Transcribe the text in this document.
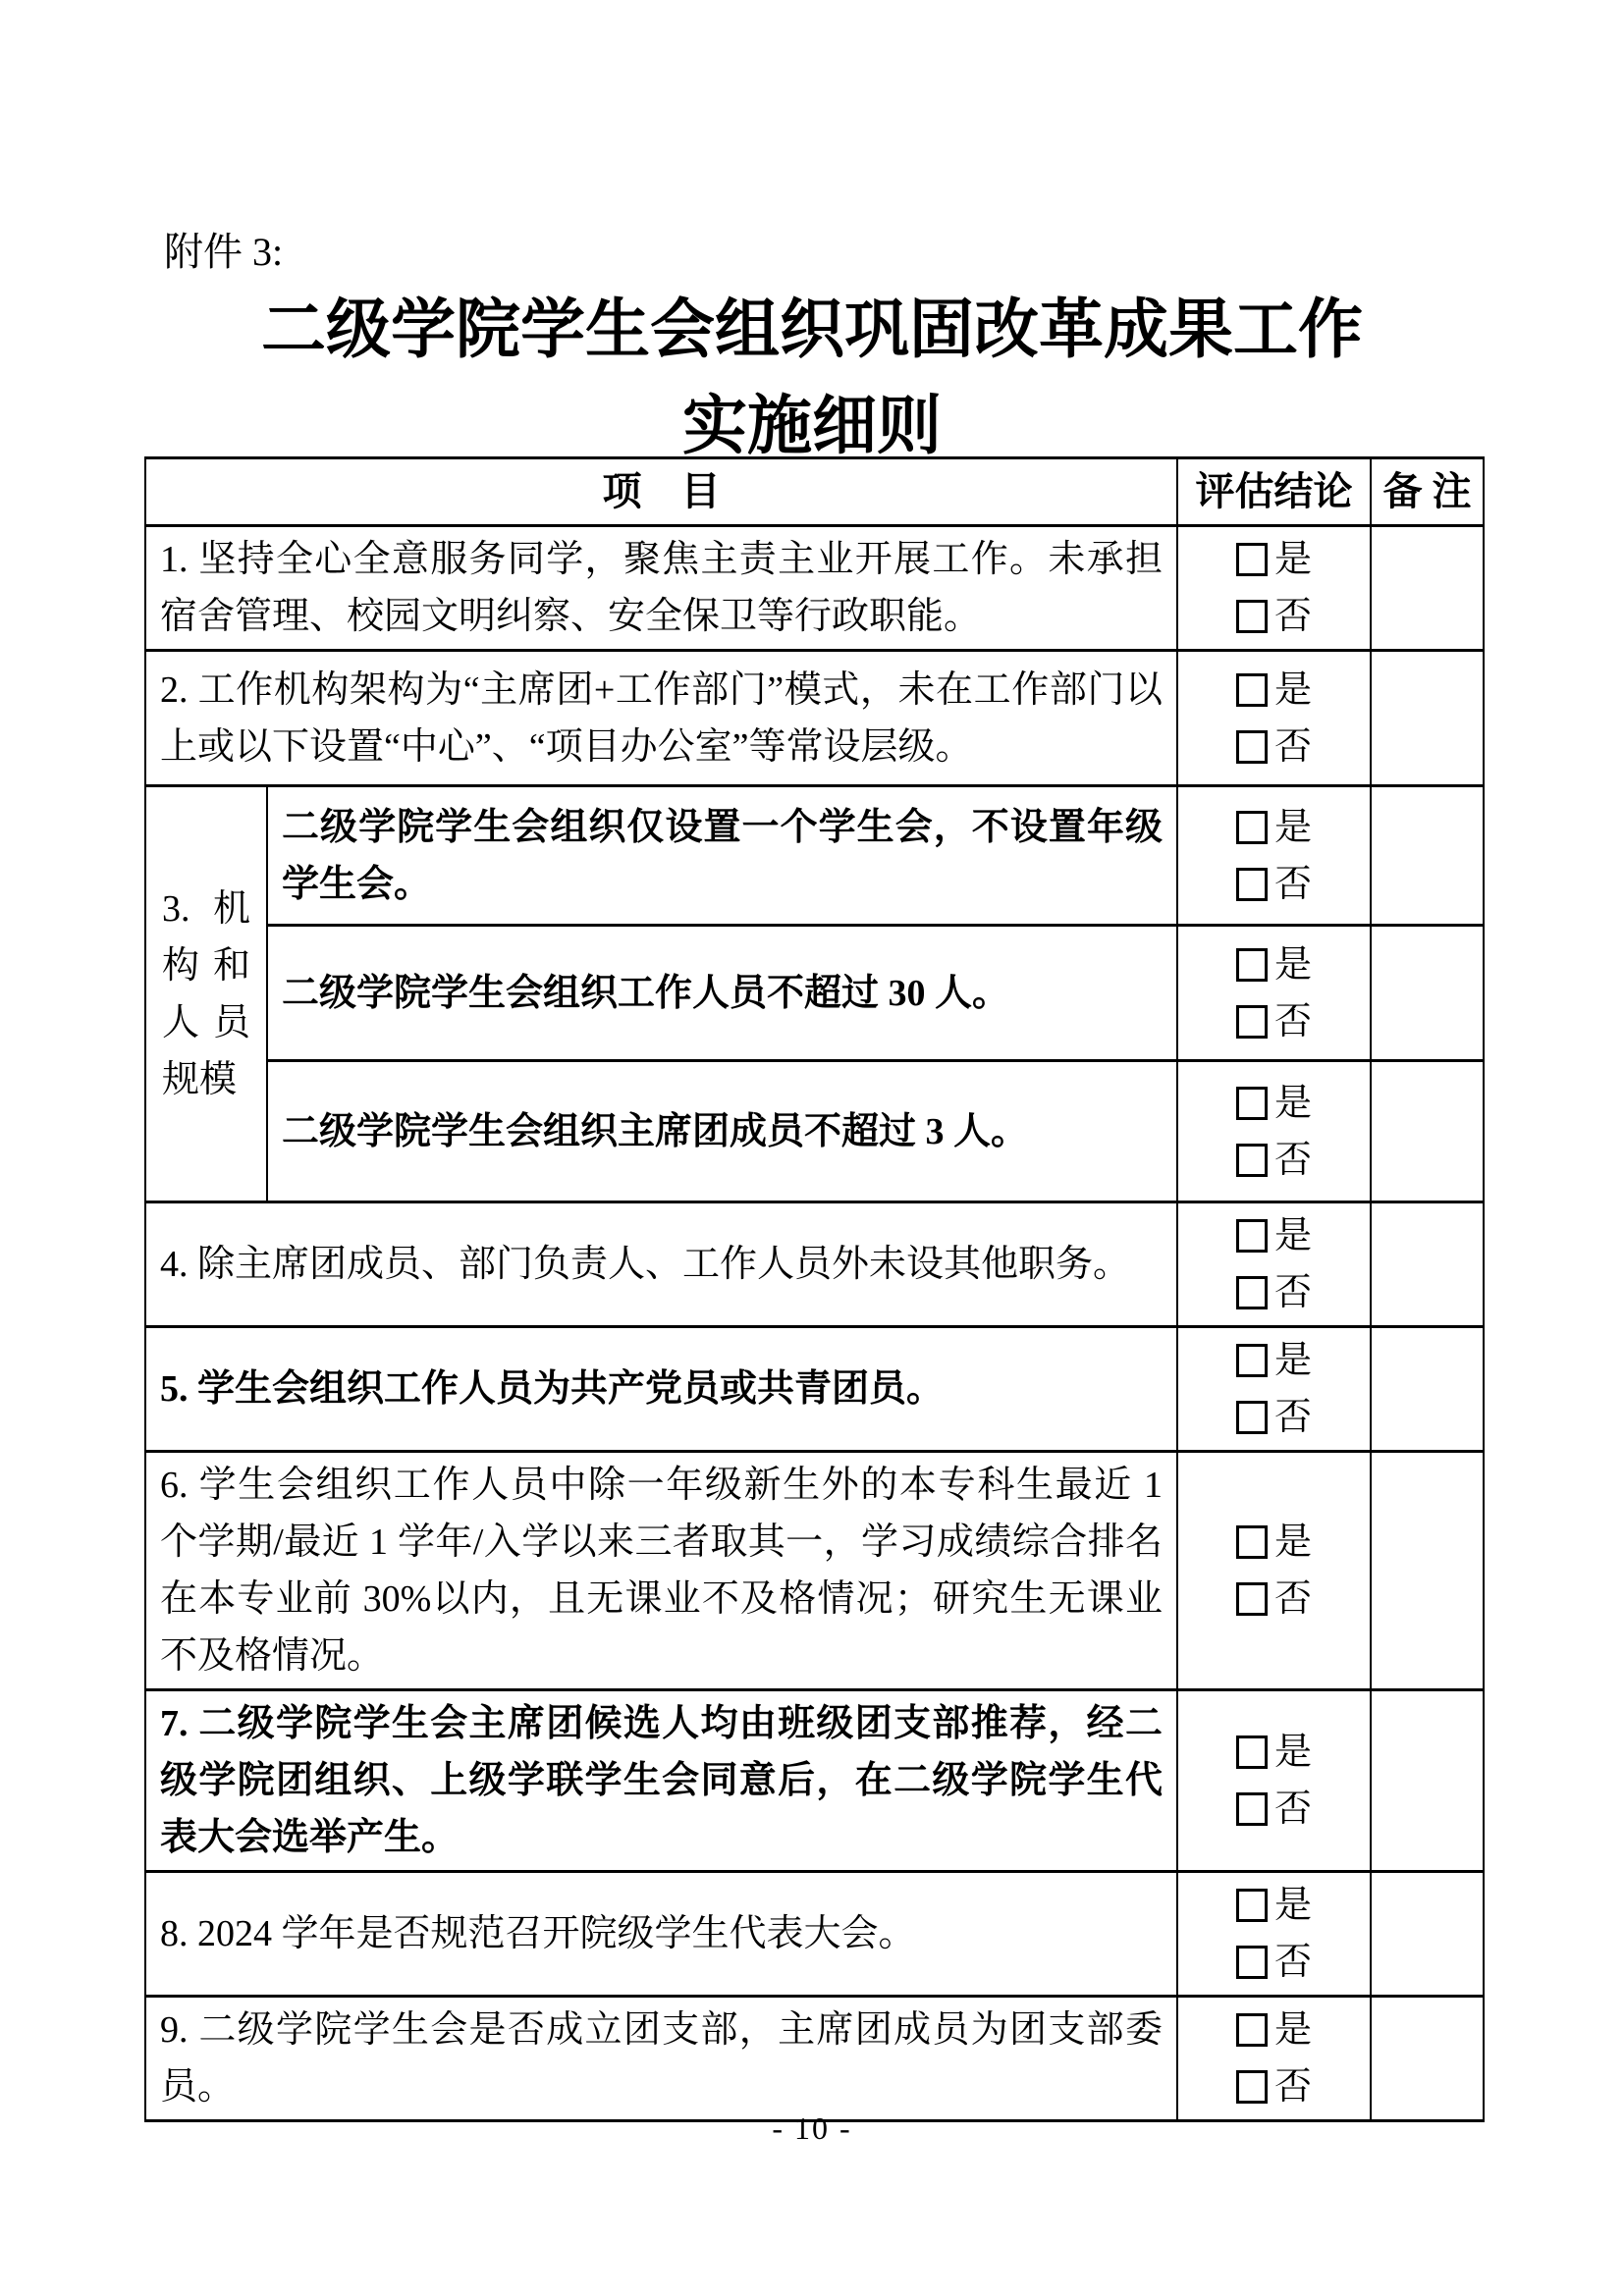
附件 3:
二级学院学生会组织巩固改革成果工作
实施细则
项　目		评估结论	备 注
1. 坚持全心全意服务同学，聚焦主责主业开展工作。未承担宿舍管理、校园文明纠察、安全保卫等行政职能。		是
否	

2. 工作机构架构为“主席团+工作部门”模式，未在工作部门以上或以下设置“中心”、“项目办公室”等常设层级。		是
否	

3. 机构和人员规模	二级学院学生会组织仅设置一个学生会，不设置年级学生会。	是
否	

	二级学院学生会组织工作人员不超过 30 人。	是
否	

	二级学院学生会组织主席团成员不超过 3 人。	是
否	

4. 除主席团成员、部门负责人、工作人员外未设其他职务。		是
否	

5. 学生会组织工作人员为共产党员或共青团员。		是
否	

6. 学生会组织工作人员中除一年级新生外的本专科生最近 1 个学期/最近 1 学年/入学以来三者取其一，学习成绩综合排名在本专业前 30%以内，且无课业不及格情况；研究生无课业不及格情况。		是
否	

7. 二级学院学生会主席团候选人均由班级团支部推荐，经二级学院团组织、上级学联学生会同意后，在二级学院学生代表大会选举产生。		是
否	

8. 2024 学年是否规范召开院级学生代表大会。		是
否	

9. 二级学院学生会是否成立团支部，主席团成员为团支部委员。		是
否	

- 10 -
